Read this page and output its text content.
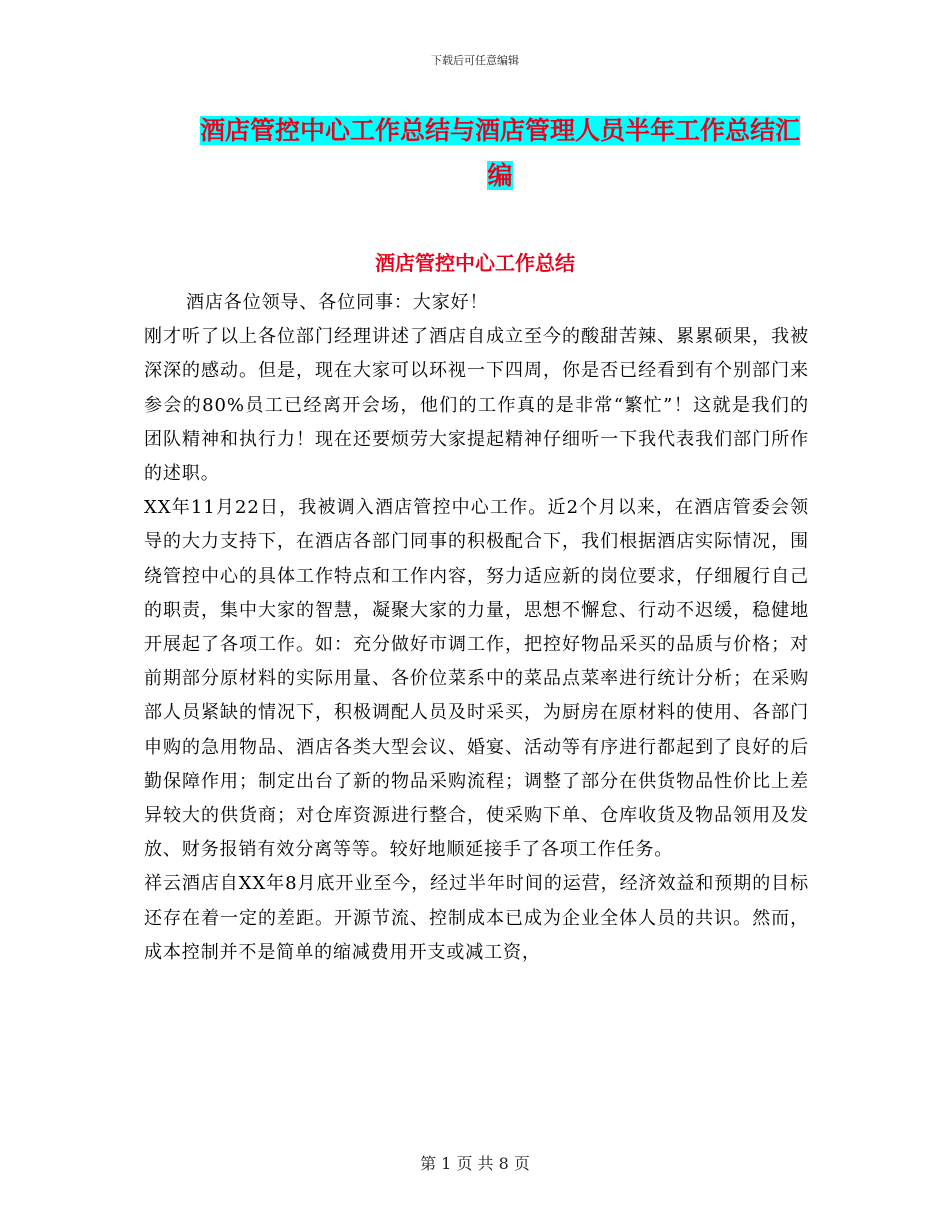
下载后可任意编辑
酒店管控中心工作总结与酒店管理人员半年工作总结汇编
酒店管控中心工作总结

酒店各位领导、各位同事：大家好！

刚才听了以上各位部门经理讲述了酒店自成立至今的酸甜苦辣、累累硕果，我被深深的感动。但是，现在大家可以环视一下四周，你是否已经看到有个别部门来参会的80%员工已经离开会场，他们的工作真的是非常“繁忙”！这就是我们的团队精神和执行力！现在还要烦劳大家提起精神仔细听一下我代表我们部门所作的述职。

XX年11月22日，我被调入酒店管控中心工作。近2个月以来，在酒店管委会领导的大力支持下，在酒店各部门同事的积极配合下，我们根据酒店实际情况，围绕管控中心的具体工作特点和工作内容，努力适应新的岗位要求，仔细履行自己的职责，集中大家的智慧，凝聚大家的力量，思想不懈怠、行动不迟缓，稳健地开展起了各项工作。如：充分做好市调工作，把控好物品采买的品质与价格；对前期部分原材料的实际用量、各价位菜系中的菜品点菜率进行统计分析；在采购部人员紧缺的情况下，积极调配人员及时采买，为厨房在原材料的使用、各部门申购的急用物品、酒店各类大型会议、婚宴、活动等有序进行都起到了良好的后勤保障作用；制定出台了新的物品采购流程；调整了部分在供货物品性价比上差异较大的供货商；对仓库资源进行整合，使采购下单、仓库收货及物品领用及发放、财务报销有效分离等等。较好地顺延接手了各项工作任务。

祥云酒店自XX年8月底开业至今，经过半年时间的运营，经济效益和预期的目标还存在着一定的差距。开源节流、控制成本已成为企业全体人员的共识。然而，成本控制并不是简单的缩减费用开支或减工资，

第 1 页 共 8 页
